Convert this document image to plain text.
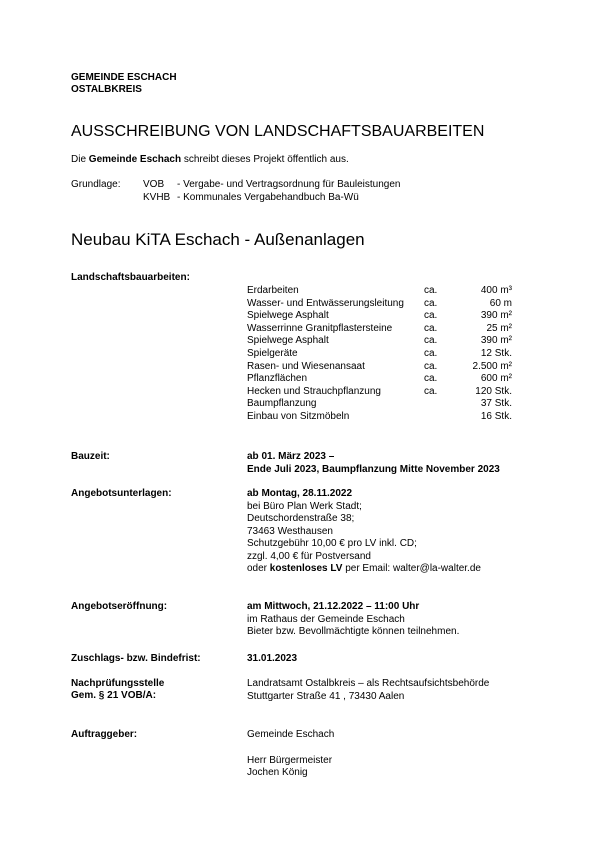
GEMEINDE ESCHACH
OSTALBKREIS
AUSSCHREIBUNG VON LANDSCHAFTSBAUARBEITEN
Die Gemeinde Eschach schreibt dieses Projekt öffentlich aus.
Grundlage: VOB - Vergabe- und Vertragsordnung für Bauleistungen
KVHB - Kommunales Vergabehandbuch Ba-Wü
Neubau KiTA Eschach - Außenanlagen
Landschaftsbauarbeiten:
Erdarbeiten	ca.	400 m³
Wasser- und Entwässerungsleitung ca.	60 m
Spielwege Asphalt	ca.	390 m²
Wasserrinne Granitpflastersteine	ca.	25 m²
Spielwege Asphalt	ca.	390 m²
Spielgeräte	ca.	12 Stk.
Rasen- und Wiesenansaat	ca.	2.500 m²
Pflanzflächen	ca.	600 m²
Hecken und Strauchpflanzung	ca.	120 Stk.
Baumpflanzung	37 Stk.
Einbau von Sitzmöbeln	16 Stk.
Bauzeit:	ab 01. März 2023 –
Ende Juli 2023, Baumpflanzung Mitte November 2023
Angebotsunterlagen:	ab Montag, 28.11.2022
bei Büro Plan Werk Stadt;
Deutschordenstraße 38;
73463 Westhausen
Schutzgebühr 10,00 € pro LV inkl. CD;
zzgl. 4,00 € für Postversand
oder kostenloses LV per Email: walter@la-walter.de
Angebotseröffnung:	am Mittwoch, 21.12.2022 – 11:00 Uhr
im Rathaus der Gemeinde Eschach
Bieter bzw. Bevollmächtigte können teilnehmen.
Zuschlags- bzw. Bindefrist:	31.01.2023
Nachprüfungsstelle
Gem. § 21 VOB/A:
Landratsamt Ostalbkreis – als Rechtsaufsichtsbehörde
Stuttgarter Straße 41 , 73430 Aalen
Auftraggeber:	Gemeinde Eschach
Herr Bürgermeister
Jochen König
